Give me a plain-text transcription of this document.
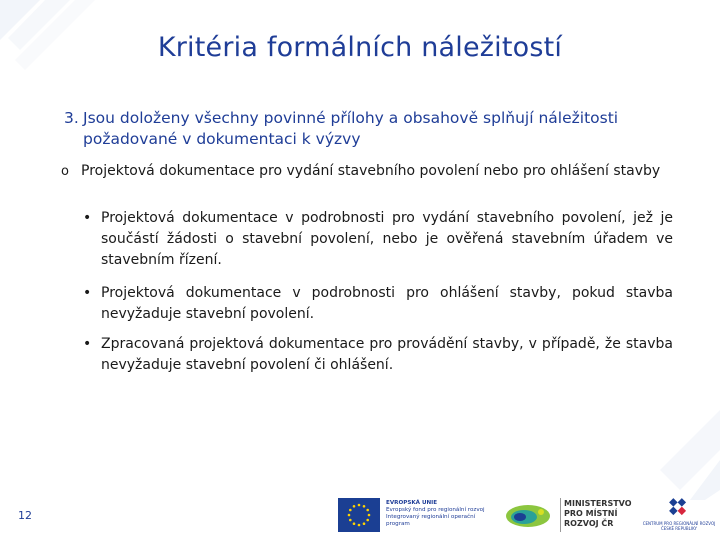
Kritéria formálních náležitostí
3. Jsou doloženy všechny povinné přílohy a obsahově splňují náležitosti požadované v dokumentaci k výzvy
o Projektová dokumentace pro vydání stavebního povolení nebo pro ohlášení stavby
• Projektová dokumentace v podrobnosti pro vydání stavebního povolení, jež je součástí žádosti o stavební povolení, nebo je ověřená stavebním úřadem ve stavebním řízení.
• Projektová dokumentace v podrobnosti pro ohlášení stavby, pokud stavba nevyžaduje stavební povolení.
• Zpracovaná projektová dokumentace pro provádění stavby, v případě, že stavba nevyžaduje stavební povolení či ohlášení.
12
EVROPSKÁ UNIE
Evropský fond pro regionální rozvoj
Integrovaný regionální operační program
MINISTERSTVO
PRO MÍSTNÍ
ROZVOJ ČR	CENTRUM PRO REGIONÁLNÍ ROZVOJ
ČESKÉ REPUBLIKY
